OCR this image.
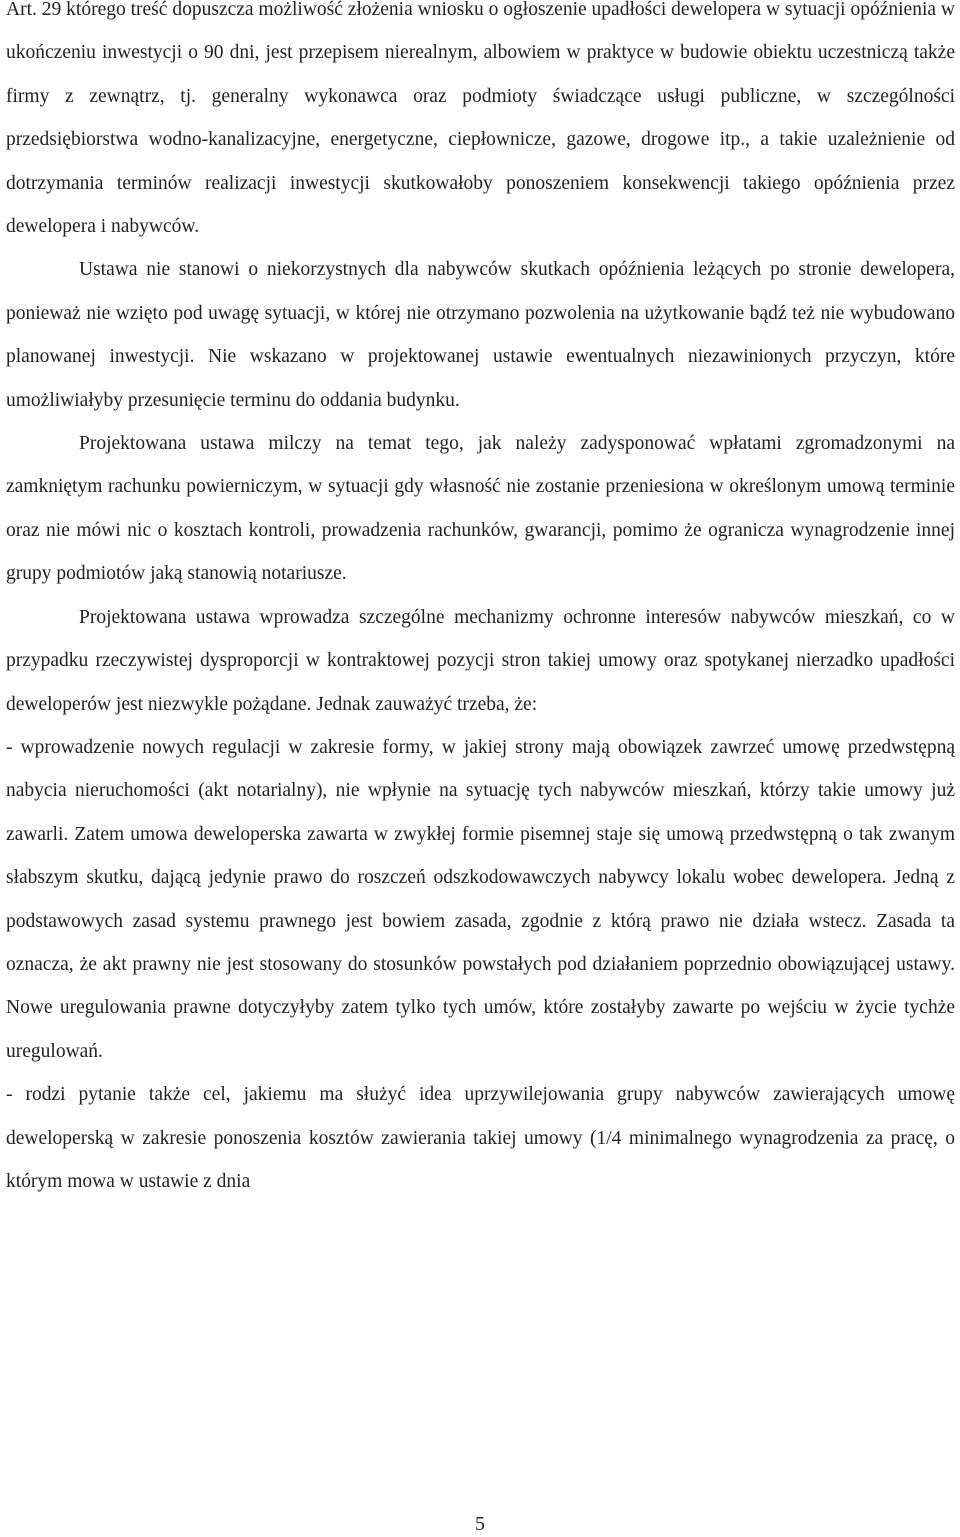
Art. 29 którego treść dopuszcza możliwość złożenia wniosku o ogłoszenie upadłości dewelopera w sytuacji opóźnienia w ukończeniu inwestycji o 90 dni, jest przepisem nierealnym, albowiem w praktyce w budowie obiektu uczestniczą także firmy z zewnątrz, tj. generalny wykonawca oraz podmioty świadczące usługi publiczne, w szczególności przedsiębiorstwa wodno-kanalizacyjne, energetyczne, ciepłownicze, gazowe, drogowe itp., a takie uzależnienie od dotrzymania terminów realizacji inwestycji skutkowałoby ponoszeniem konsekwencji takiego opóźnienia przez dewelopera i nabywców.

Ustawa nie stanowi o niekorzystnych dla nabywców skutkach opóźnienia leżących po stronie dewelopera, ponieważ nie wzięto pod uwagę sytuacji, w której nie otrzymano pozwolenia na użytkowanie bądź też nie wybudowano planowanej inwestycji. Nie wskazano w projektowanej ustawie ewentualnych niezawinionych przyczyn, które umożliwiałyby przesunięcie terminu do oddania budynku.

Projektowana ustawa milczy na temat tego, jak należy zadysponować wpłatami zgromadzonymi na zamkniętym rachunku powierniczym, w sytuacji gdy własność nie zostanie przeniesiona w określonym umową terminie oraz nie mówi nic o kosztach kontroli, prowadzenia rachunków, gwarancji, pomimo że ogranicza wynagrodzenie innej grupy podmiotów jaką stanowią notariusze.

Projektowana ustawa wprowadza szczególne mechanizmy ochronne interesów nabywców mieszkań, co w przypadku rzeczywistej dysproporcji w kontraktowej pozycji stron takiej umowy oraz spotykanej nierzadko upadłości deweloperów jest niezwykle pożądane. Jednak zauważyć trzeba, że:

- wprowadzenie nowych regulacji w zakresie formy, w jakiej strony mają obowiązek zawrzeć umowę przedwstępną nabycia nieruchomości (akt notarialny), nie wpłynie na sytuację tych nabywców mieszkań, którzy takie umowy już zawarli. Zatem umowa deweloperska zawarta w zwykłej formie pisemnej staje się umową przedwstępną o tak zwanym słabszym skutku, dającą jedynie prawo do roszczeń odszkodowawczych nabywcy lokalu wobec dewelopera. Jedną z podstawowych zasad systemu prawnego jest bowiem zasada, zgodnie z którą prawo nie działa wstecz. Zasada ta oznacza, że akt prawny nie jest stosowany do stosunków powstałych pod działaniem poprzednio obowiązującej ustawy. Nowe uregulowania prawne dotyczyłyby zatem tylko tych umów, które zostałyby zawarte po wejściu w życie tychże uregulowań.

- rodzi pytanie także cel, jakiemu ma służyć idea uprzywilejowania grupy nabywców zawierających umowę deweloperską w zakresie ponoszenia kosztów zawierania takiej umowy (1/4 minimalnego wynagrodzenia za pracę, o którym mowa w ustawie z dnia

5
